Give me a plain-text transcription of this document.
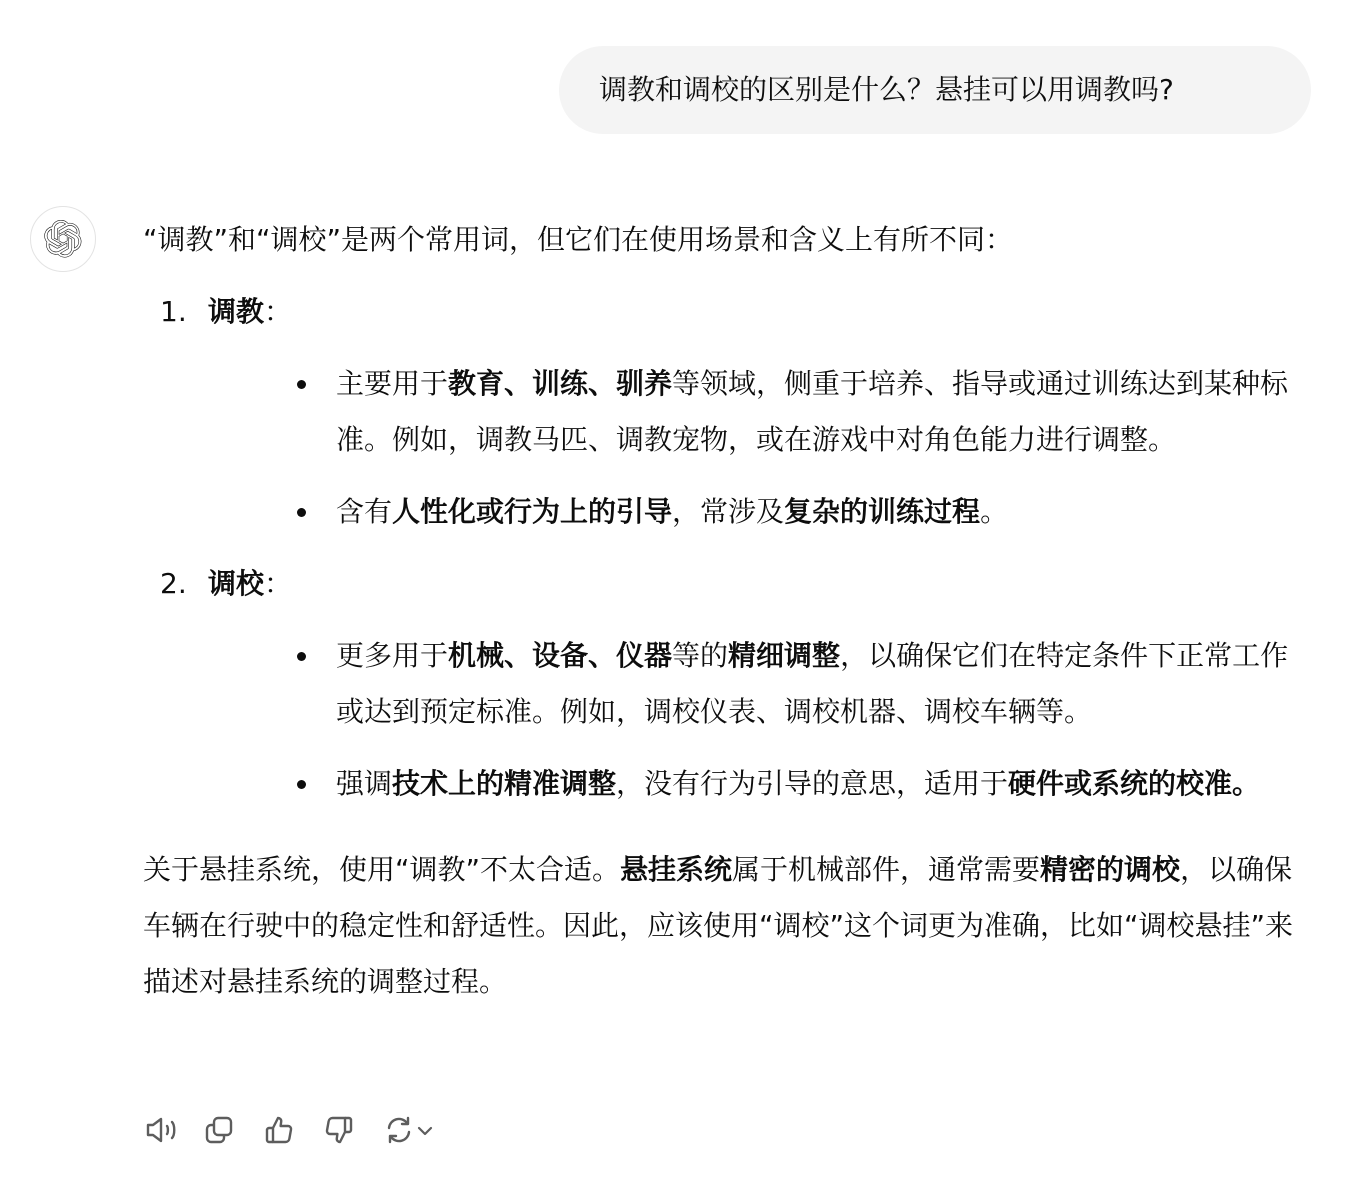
调教和调校的区别是什么？悬挂可以用调教吗?

“调教”和“调校”是两个常用词，但它们在使用场景和含义上有所不同：

1. 调教：
主要用于教育、训练、驯养等领域，侧重于培养、指导或通过训练达到某种标准。例如，调教马匹、调教宠物，或在游戏中对角色能力进行调整。
含有人性化或行为上的引导，常涉及复杂的训练过程。
2. 调校：
更多用于机械、设备、仪器等的精细调整，以确保它们在特定条件下正常工作或达到预定标准。例如，调校仪表、调校机器、调校车辆等。
强调技术上的精准调整，没有行为引导的意思，适用于硬件或系统的校准。

关于悬挂系统，使用“调教”不太合适。悬挂系统属于机械部件，通常需要精密的调校，以确保车辆在行驶中的稳定性和舒适性。因此，应该使用“调校”这个词更为准确，比如“调校悬挂”来描述对悬挂系统的调整过程。
